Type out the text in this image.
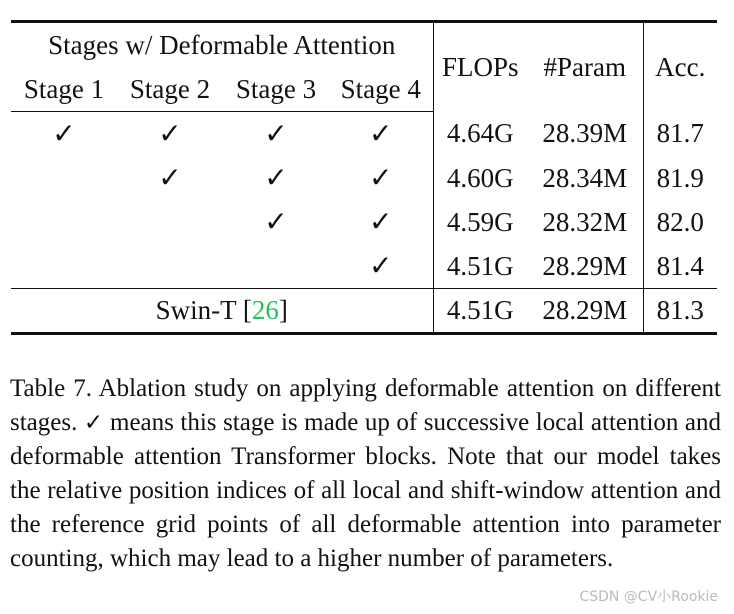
Stages w/ Deformable Attention				FLOPs	#Param	Acc.
Stage 1	Stage 2	Stage 3	Stage 4			
✓	✓	✓	✓	4.64G	28.39M	81.7
	✓	✓	✓	4.60G	28.34M	81.9
		✓	✓	4.59G	28.32M	82.0
			✓	4.51G	28.29M	81.4
Swin-T [26]				4.51G	28.29M	81.3

Table 7. Ablation study on applying deformable attention on different stages. ✓ means this stage is made up of successive local attention and deformable attention Transformer blocks. Note that our model takes the relative position indices of all local and shift-window attention and the reference grid points of all deformable attention into parameter counting, which may lead to a higher number of parameters.

CSDN @CV小Rookie
